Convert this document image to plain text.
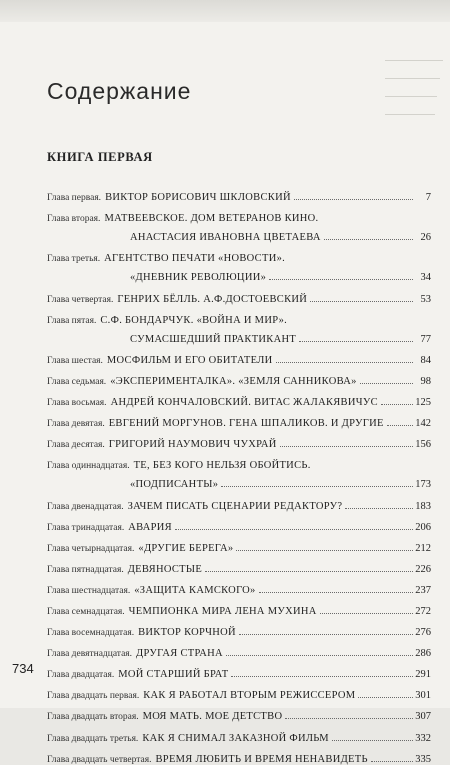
Содержание
КНИГА ПЕРВАЯ
Глава первая. ВИКТОР БОРИСОВИЧ ШКЛОВСКИЙ	7
Глава вторая. МАТВЕЕВСКОЕ. ДОМ ВЕТЕРАНОВ КИНО.
АНАСТАСИЯ ИВАНОВНА ЦВЕТАЕВА	26
Глава третья. АГЕНТСТВО ПЕЧАТИ «НОВОСТИ».
«ДНЕВНИК РЕВОЛЮЦИИ»	34
Глава четвертая. ГЕНРИХ БЁЛЛЬ. А.Ф.ДОСТОЕВСКИЙ	53
Глава пятая. С.Ф. БОНДАРЧУК. «ВОЙНА И МИР».
СУМАСШЕДШИЙ ПРАКТИКАНТ	77
Глава шестая. МОСФИЛЬМ И ЕГО ОБИТАТЕЛИ	84
Глава седьмая. «ЭКСПЕРИМЕНТАЛКА». «ЗЕМЛЯ САННИКОВА»	98
Глава восьмая. АНДРЕЙ КОНЧАЛОВСКИЙ. ВИТАС ЖАЛАКЯВИЧУС	125
Глава девятая. ЕВГЕНИЙ МОРГУНОВ. ГЕНА ШПАЛИКОВ. И ДРУГИЕ	142
Глава десятая. ГРИГОРИЙ НАУМОВИЧ ЧУХРАЙ	156
Глава одиннадцатая. ТЕ, БЕЗ КОГО НЕЛЬЗЯ ОБОЙТИСЬ.
«ПОДПИСАНТЫ»	173
Глава двенадцатая. ЗАЧЕМ ПИСАТЬ СЦЕНАРИИ РЕДАКТОРУ?	183
Глава тринадцатая. АВАРИЯ	206
Глава четырнадцатая. «ДРУГИЕ БЕРЕГА»	212
Глава пятнадцатая. ДЕВЯНОСТЫЕ	226
Глава шестнадцатая. «ЗАЩИТА КАМСКОГО»	237
Глава семнадцатая. ЧЕМПИОНКА МИРА ЛЕНА МУХИНА	272
Глава восемнадцатая. ВИКТОР КОРЧНОЙ	276
Глава девятнадцатая. ДРУГАЯ СТРАНА	286
Глава двадцатая. МОЙ СТАРШИЙ БРАТ	291
Глава двадцать первая. КАК Я РАБОТАЛ ВТОРЫМ РЕЖИССЕРОМ	301
Глава двадцать вторая. МОЯ МАТЬ. МОЕ ДЕТСТВО	307
Глава двадцать третья. КАК Я СНИМАЛ ЗАКАЗНОЙ ФИЛЬМ	332
Глава двадцать четвертая. ВРЕМЯ ЛЮБИТЬ И ВРЕМЯ НЕНАВИДЕТЬ	335
734
